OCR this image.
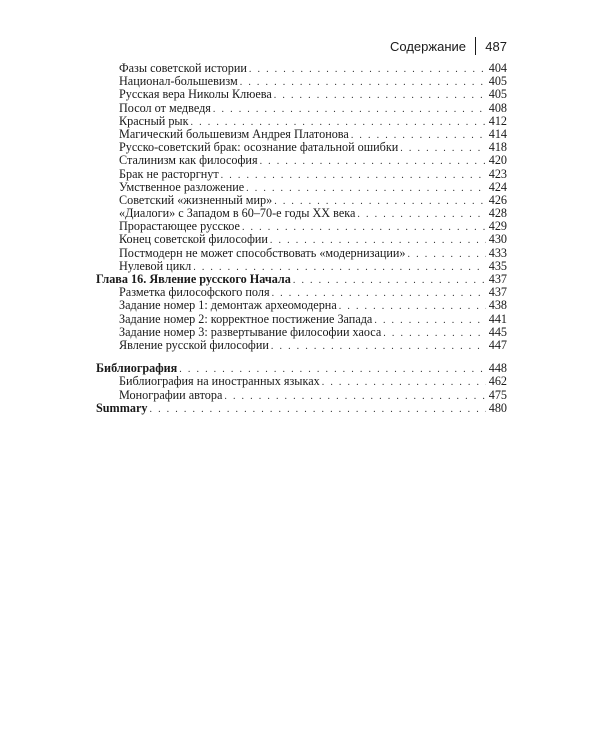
Содержание 487
Фазы советской истории . . .	404
Национал-большевизм . . .	405
Русская вера Николы Клюева . . .	405
Посол от медведя . . .	408
Красный рык . . .	412
Магический большевизм Андрея Платонова . . .	414
Русско-советский брак: осознание фатальной ошибки . . .	418
Сталинизм как философия . . .	420
Брак не расторгнут . . .	423
Умственное разложение . . .	424
Советский «жизненный мир» . . .	426
«Диалоги» с Западом в 60–70-е годы XX века . . .	428
Прорастающее русское . . .	429
Конец советской философии . . .	430
Постмодерн не может способствовать «модернизации» . . .	433
Нулевой цикл . . .	435
Глава 16. Явление русского Начала . . .	437
Разметка философского поля . . .	437
Задание номер 1: демонтаж археомодерна . . .	438
Задание номер 2: корректное постижение Запада . . .	441
Задание номер 3: развертывание философии хаоса . . .	445
Явление русской философии . . .	447
Библиография . . .	448
Библиография на иностранных языках . . .	462
Монографии автора . . .	475
Summary . . .	480
